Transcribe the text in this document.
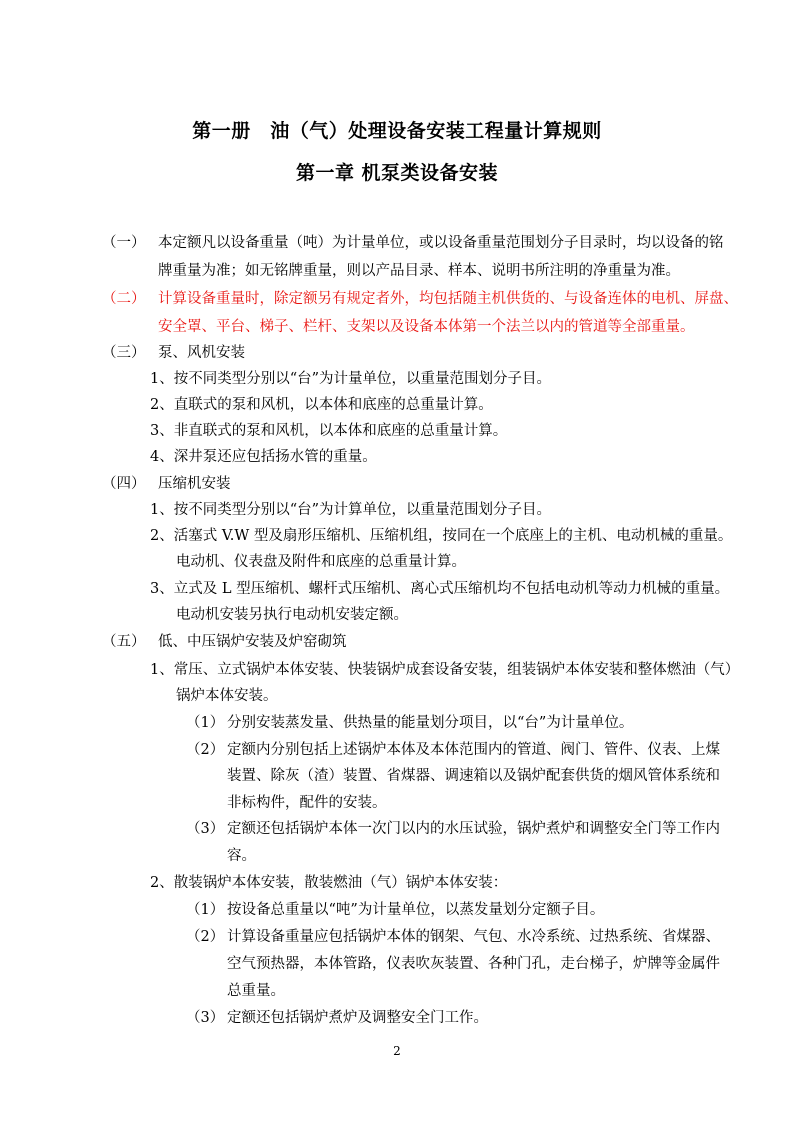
第一册　油（气）处理设备安装工程量计算规则
第一章 机泵类设备安装
（一） 本定额凡以设备重量（吨）为计量单位，或以设备重量范围划分子目录时，均以设备的铭
牌重量为准；如无铭牌重量，则以产品目录、样本、说明书所注明的净重量为准。
（二） 计算设备重量时，除定额另有规定者外，均包括随主机供货的、与设备连体的电机、屏盘、
安全罩、平台、梯子、栏杆、支架以及设备本体第一个法兰以内的管道等全部重量。
（三） 泵、风机安装
1、按不同类型分别以“台”为计量单位，以重量范围划分子目。
2、直联式的泵和风机，以本体和底座的总重量计算。
3、非直联式的泵和风机，以本体和底座的总重量计算。
4、深井泵还应包括扬水管的重量。
（四） 压缩机安装
1、按不同类型分别以“台”为计算单位，以重量范围划分子目。
2、活塞式 V.W 型及扇形压缩机、压缩机组，按同在一个底座上的主机、电动机械的重量。
电动机、仪表盘及附件和底座的总重量计算。
3、立式及 L 型压缩机、螺杆式压缩机、离心式压缩机均不包括电动机等动力机械的重量。
电动机安装另执行电动机安装定额。
（五） 低、中压锅炉安装及炉窑砌筑
1、常压、立式锅炉本体安装、快装锅炉成套设备安装，组装锅炉本体安装和整体燃油（气）
锅炉本体安装。
（1） 分别安装蒸发量、供热量的能量划分项目，以“台”为计量单位。
（2） 定额内分别包括上述锅炉本体及本体范围内的管道、阀门、管件、仪表、上煤
装置、除灰（渣）装置、省煤器、调速箱以及锅炉配套供货的烟风管体系统和
非标构件，配件的安装。
（3） 定额还包括锅炉本体一次门以内的水压试验，锅炉煮炉和调整安全门等工作内
容。
2、散装锅炉本体安装，散装燃油（气）锅炉本体安装：
（1） 按设备总重量以“吨”为计量单位，以蒸发量划分定额子目。
（2） 计算设备重量应包括锅炉本体的钢架、气包、水冷系统、过热系统、省煤器、
空气预热器，本体管路，仪表吹灰装置、各种门孔，走台梯子，炉牌等金属件
总重量。
（3） 定额还包括锅炉煮炉及调整安全门工作。
2
